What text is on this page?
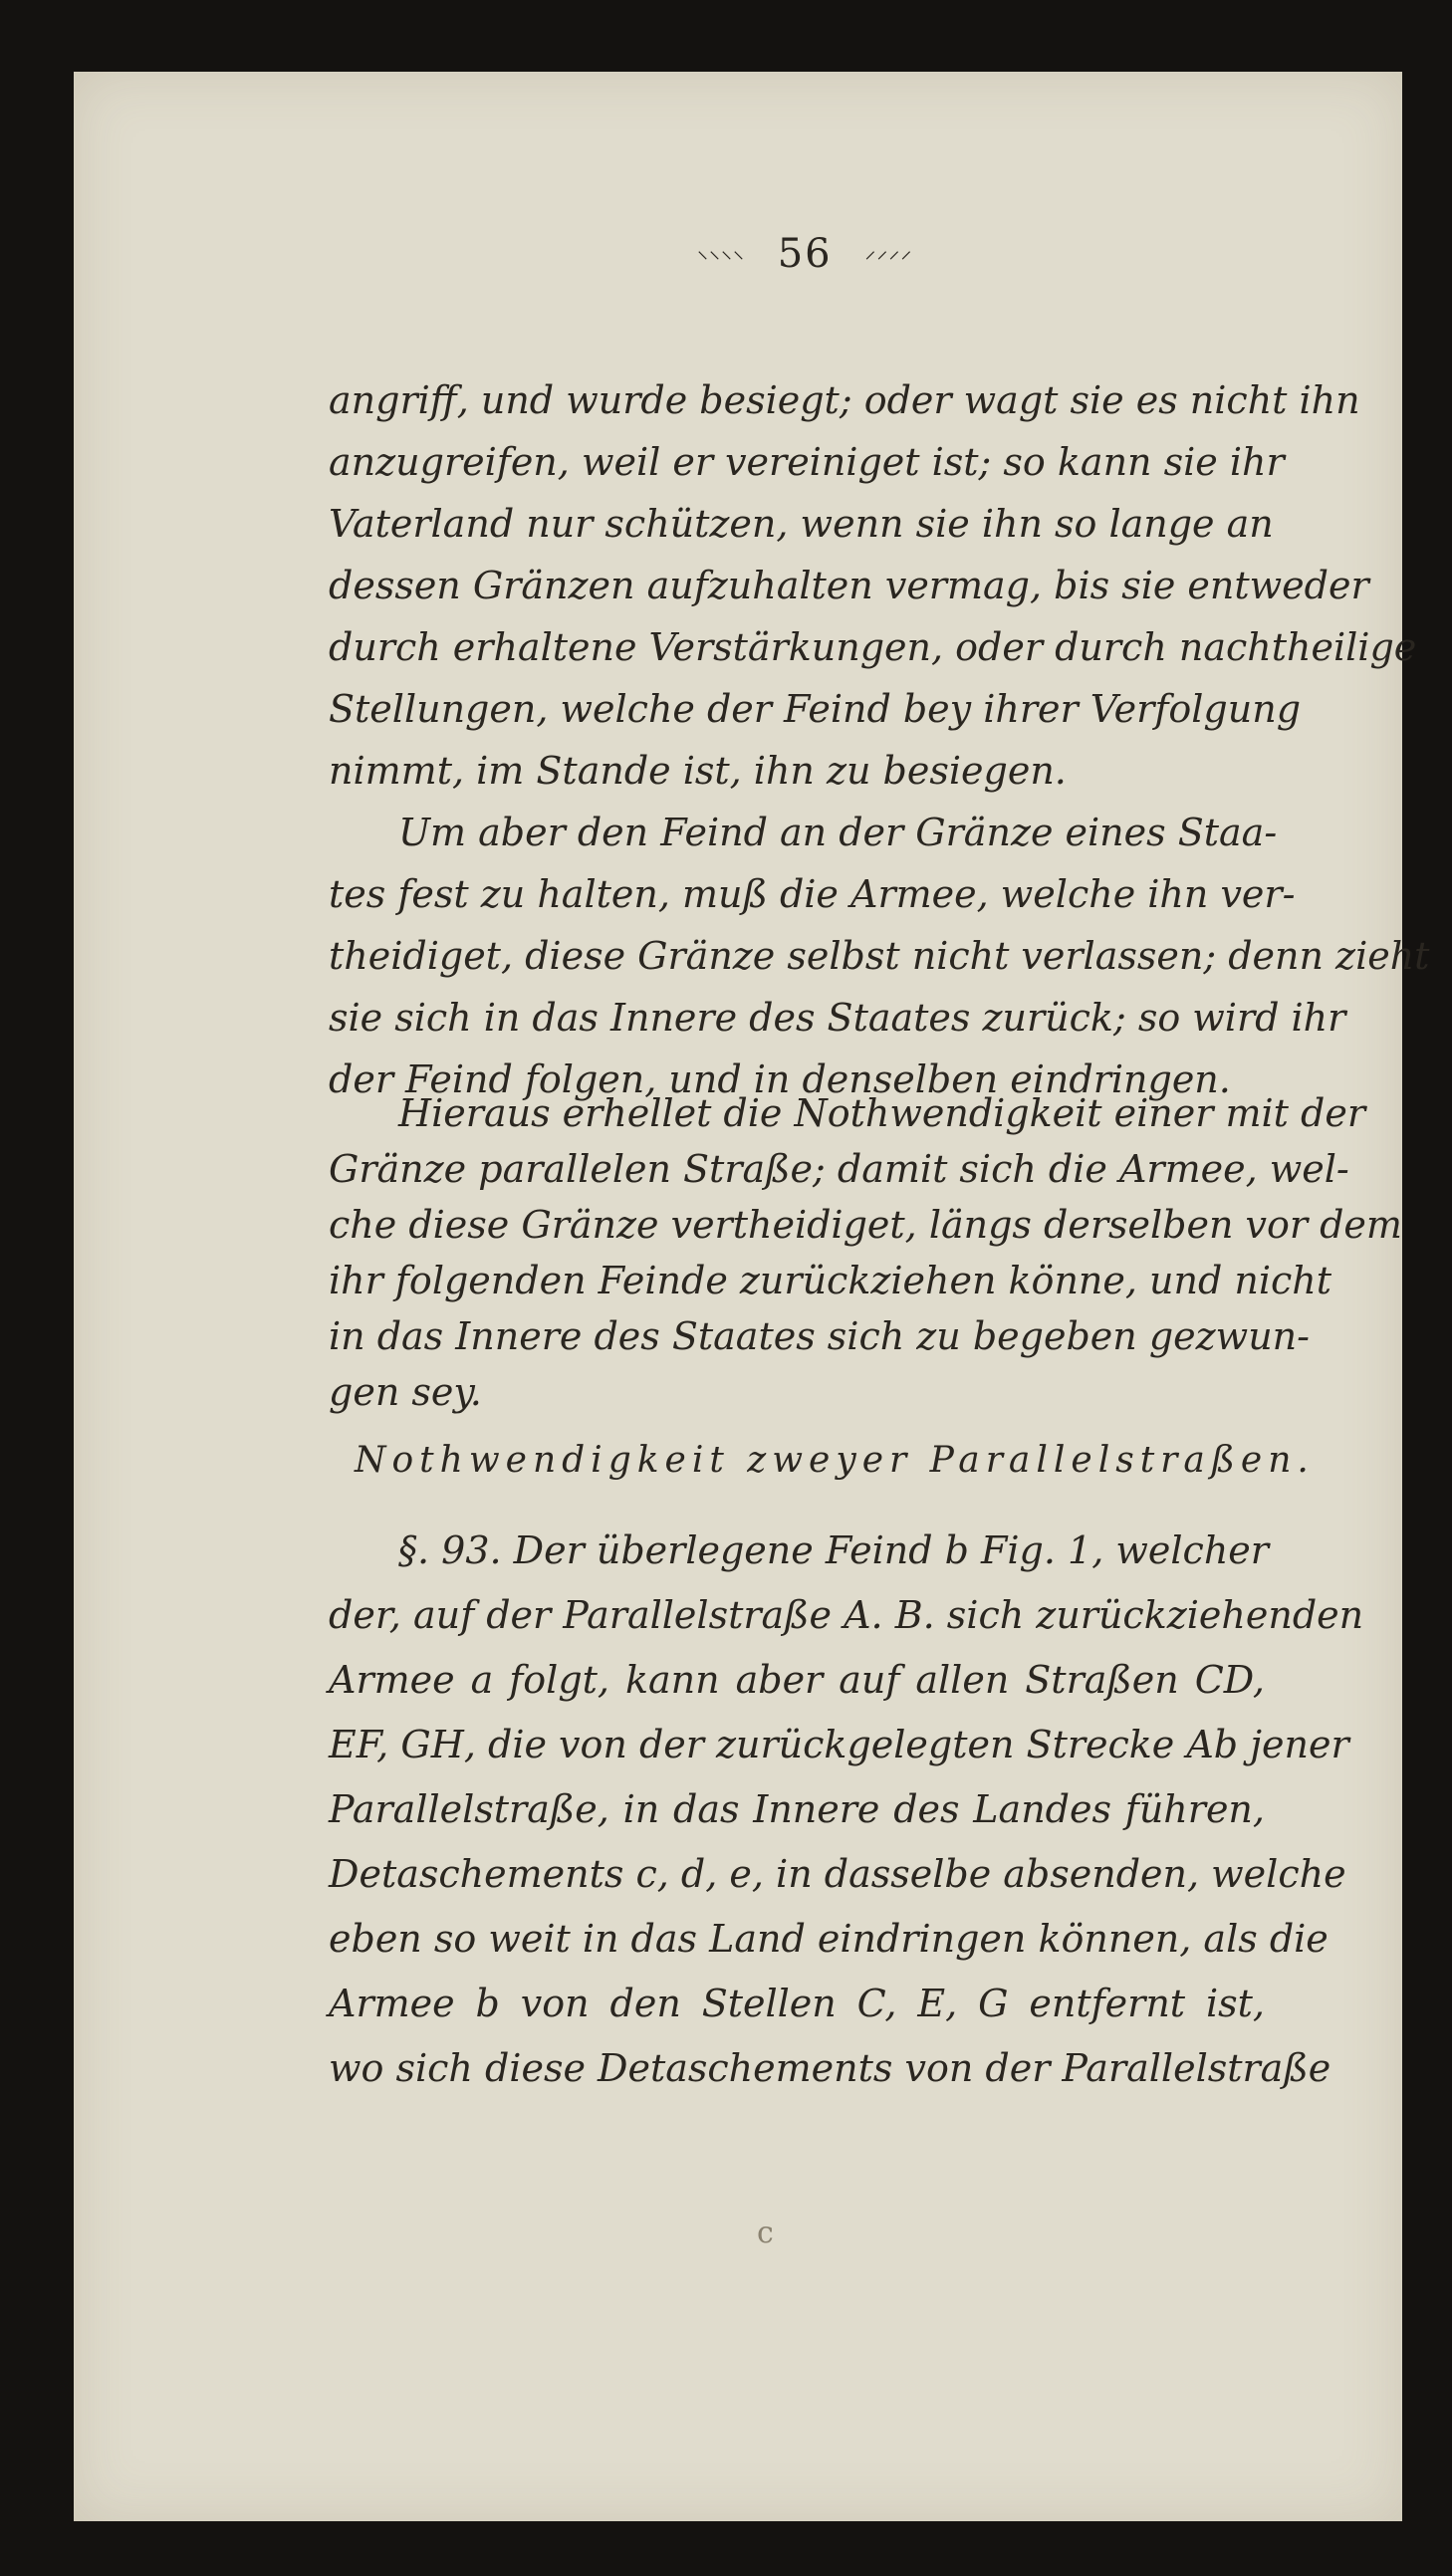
⸌⸌⸌⸌ 56 ⸍⸍⸍⸍
angriff, und wurde besiegt; oder wagt sie es nicht ihn
anzugreifen, weil er vereiniget ist; so kann sie ihr
Vaterland nur schützen, wenn sie ihn so lange an
dessen Gränzen aufzuhalten vermag, bis sie entweder
durch erhaltene Verstärkungen, oder durch nachtheilige
Stellungen, welche der Feind bey ihrer Verfolgung
nimmt, im Stande ist, ihn zu besiegen.
Um aber den Feind an der Gränze eines Staa-
tes fest zu halten, muß die Armee, welche ihn ver-
theidiget, diese Gränze selbst nicht verlassen; denn zieht
sie sich in das Innere des Staates zurück; so wird ihr
der Feind folgen, und in denselben eindringen.
Hieraus erhellet die Nothwendigkeit einer mit der
Gränze parallelen Straße; damit sich die Armee, wel-
che diese Gränze vertheidiget, längs derselben vor dem
ihr folgenden Feinde zurückziehen könne, und nicht
Nothwendigkeit zweyer Parallelstraßen.
§. 93. Der überlegene Feind b Fig. 1, welcher
der, auf der Parallelstraße A. B. sich zurückziehenden
Armee a folgt, kann aber auf allen Straßen CD,
EF, GH, die von der zurückgelegten Strecke Ab jener
Parallelstraße, in das Innere des Landes führen,
Detaschements c, d, e, in dasselbe absenden, welche
eben so weit in das Land eindringen können, als die
Armee b von den Stellen C, E, G entfernt ist,
wo sich diese Detaschements von der Parallelstraße
c
in das Innere des Staates sich zu begeben gezwun-
gen sey.
